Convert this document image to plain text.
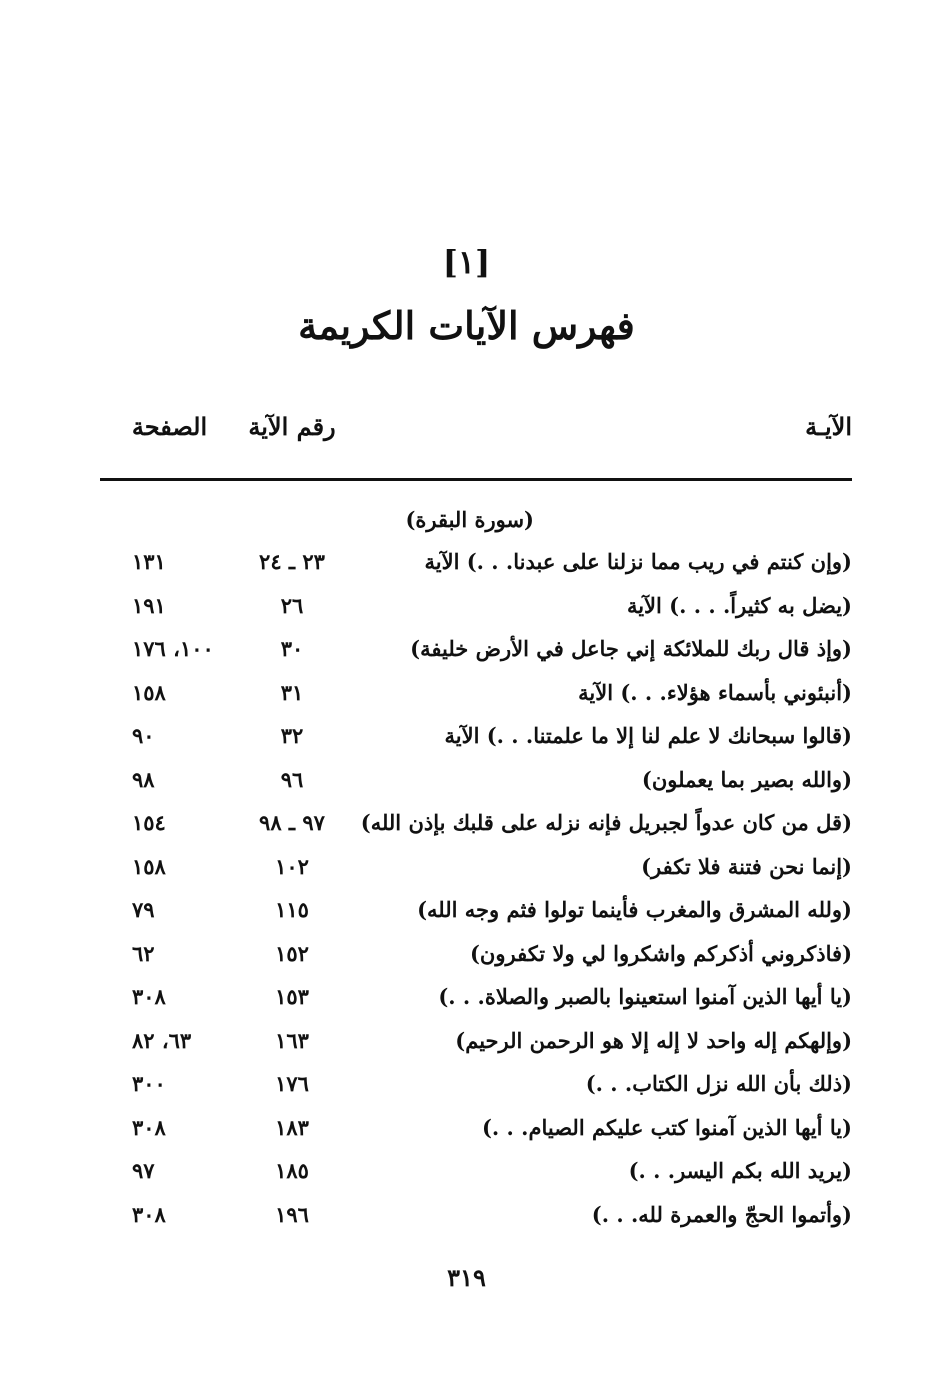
[١]
فهرس الآيات الكريمة
الآيـة
رقم الآية
الصفحة
(سورة البقرة)
(وإن كنتم في ريب مما نزلنا على عبدنا. . .) الآية
٢٣ ـ ٢٤
١٣١
(يضل به كثيراً. . . .) الآية
٢٦
١٩١
(وإذ قال ربك للملائكة إني جاعل في الأرض خليفة)
٣٠
١٠٠، ١٧٦
(أنبئوني بأسماء هؤلاء. . .) الآية
٣١
١٥٨
(قالوا سبحانك لا علم لنا إلا ما علمتنا. . .) الآية
٣٢
٩٠
(والله بصير بما يعملون)
٩٦
٩٨
(قل من كان عدواً لجبريل فإنه نزله على قلبك بإذن الله)
٩٧ ـ ٩٨
١٥٤
(إنما نحن فتنة فلا تكفر)
١٠٢
١٥٨
(ولله المشرق والمغرب فأينما تولوا فثم وجه الله)
١١٥
٧٩
(فاذكروني أذكركم واشكروا لي ولا تكفرون)
١٥٢
٦٢
(يا أيها الذين آمنوا استعينوا بالصبر والصلاة. . .)
١٥٣
٣٠٨
(وإلهكم إله واحد لا إله إلا هو الرحمن الرحيم)
١٦٣
٦٣، ٨٢
(ذلك بأن الله نزل الكتاب. . .)
١٧٦
٣٠٠
(يا أيها الذين آمنوا كتب عليكم الصيام. . .)
١٨٣
٣٠٨
(يريد الله بكم اليسر. . .)
١٨٥
٩٧
(وأتموا الحجّ والعمرة لله. . .)
١٩٦
٣٠٨
٣١٩
